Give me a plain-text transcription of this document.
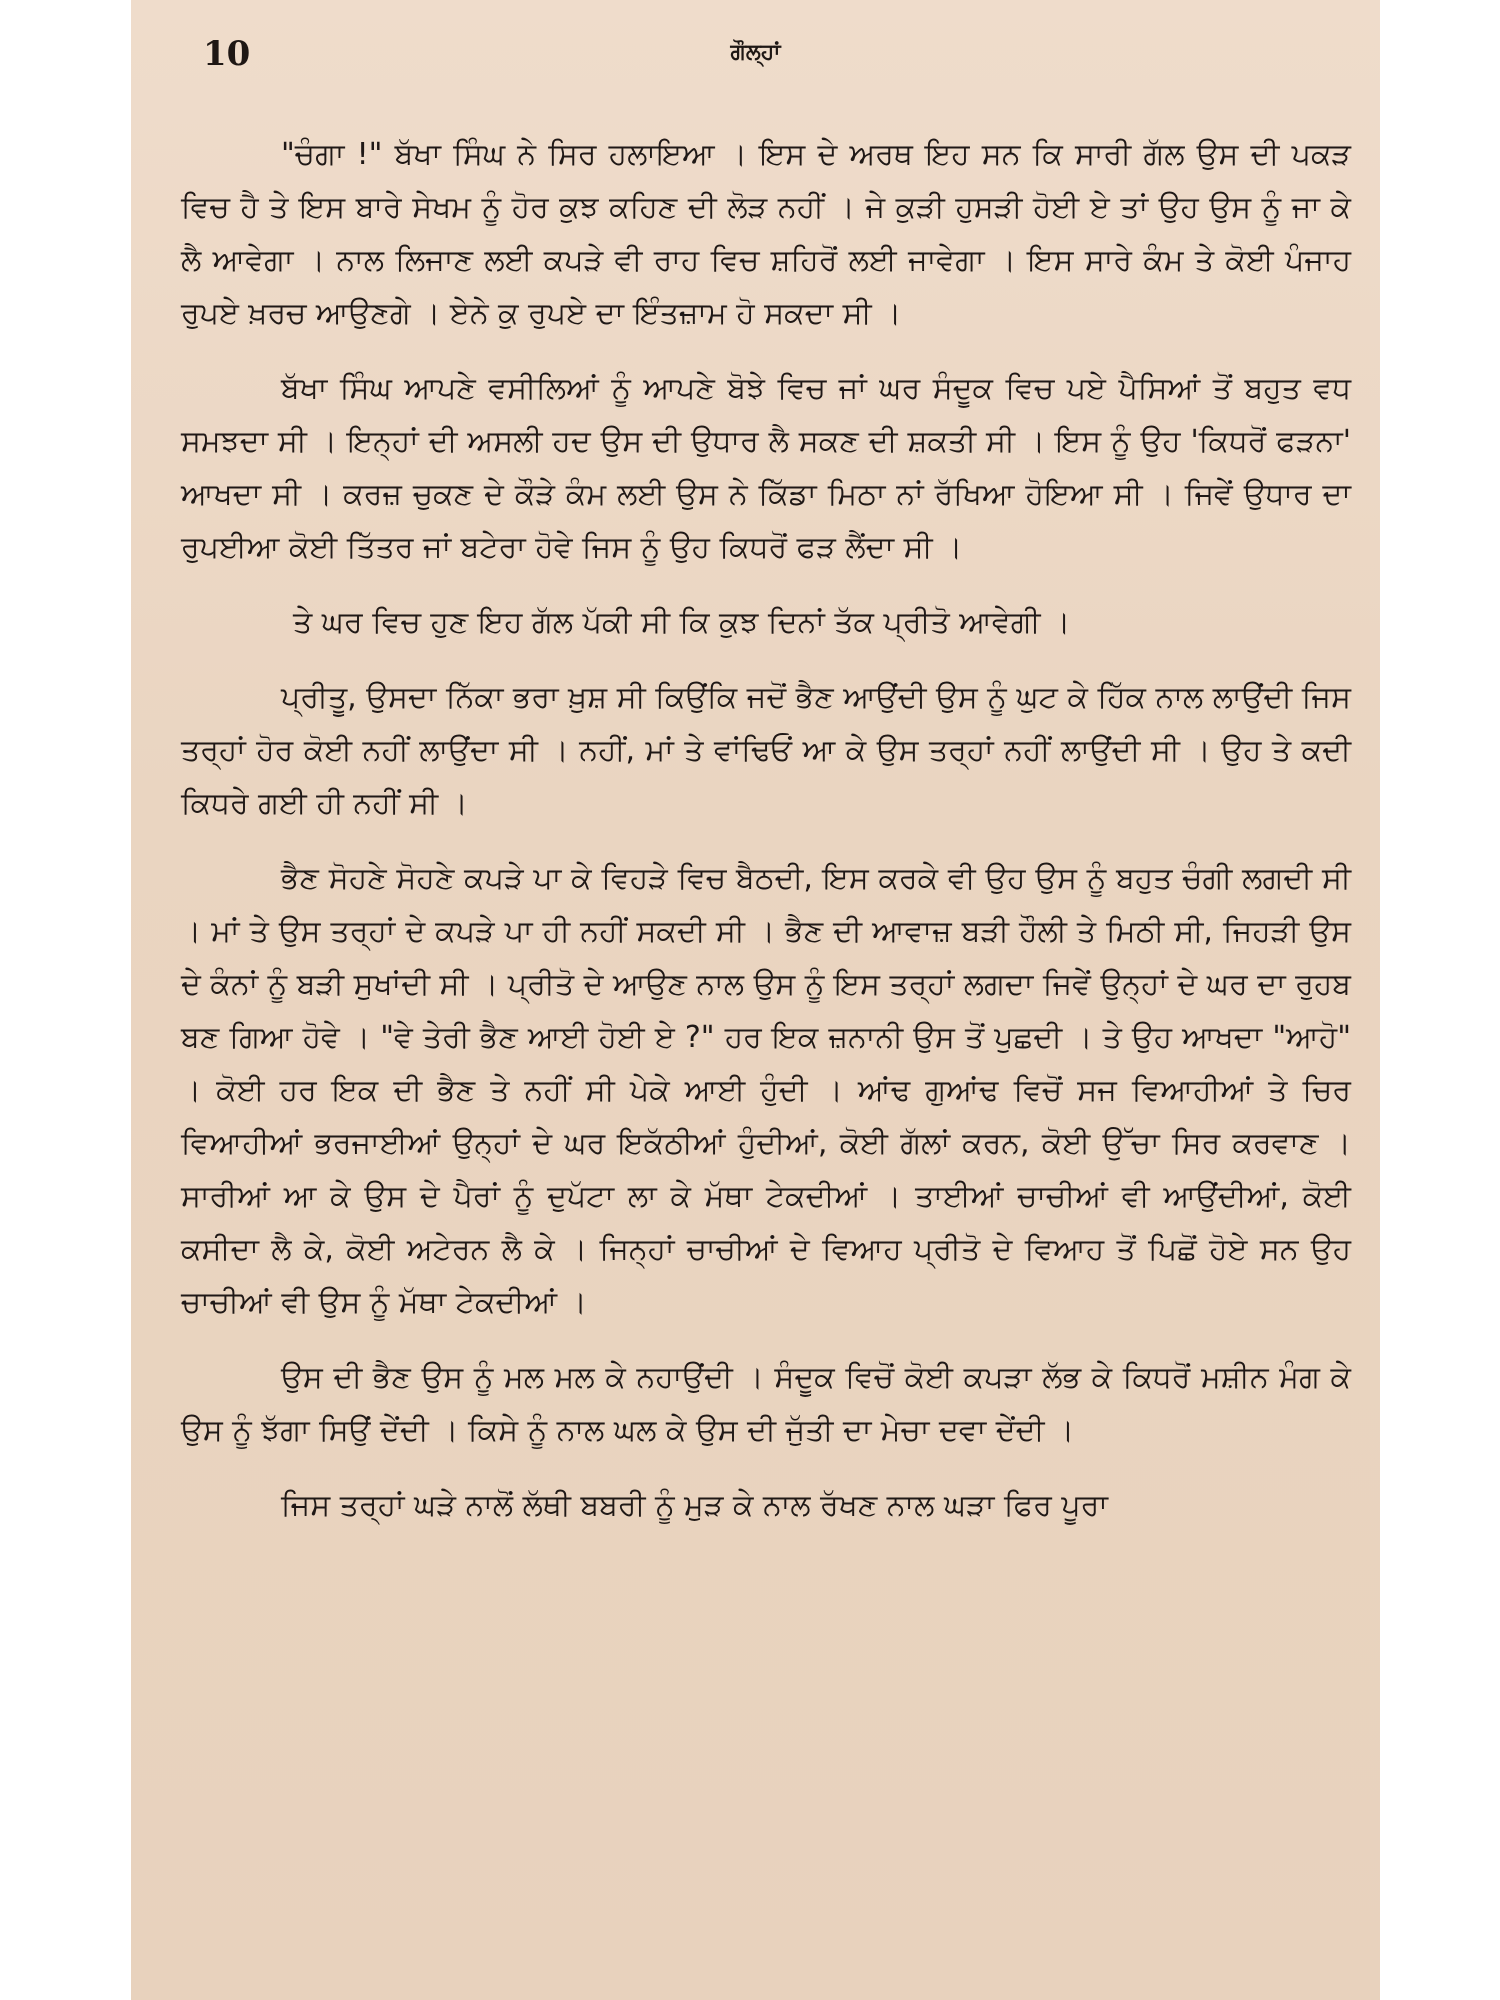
10	ਗੌਲ੍ਹਾਂ

"ਚੰਗਾ !" ਬੱਖਾ ਸਿੰਘ ਨੇ ਸਿਰ ਹਲਾਇਆ । ਇਸ ਦੇ ਅਰਥ ਇਹ ਸਨ ਕਿ ਸਾਰੀ ਗੱਲ ਉਸ ਦੀ ਪਕੜ ਵਿਚ ਹੈ ਤੇ ਇਸ ਬਾਰੇ ਸੇਖਮ ਨੂੰ ਹੋਰ ਕੁਝ ਕਹਿਣ ਦੀ ਲੋੜ ਨਹੀਂ । ਜੇ ਕੁੜੀ ਹੁਸੜੀ ਹੋਈ ਏ ਤਾਂ ਉਹ ਉਸ ਨੂੰ ਜਾ ਕੇ ਲੈ ਆਵੇਗਾ । ਨਾਲ ਲਿਜਾਣ ਲਈ ਕਪੜੇ ਵੀ ਰਾਹ ਵਿਚ ਸ਼ਹਿਰੋਂ ਲਈ ਜਾਵੇਗਾ । ਇਸ ਸਾਰੇ ਕੰਮ ਤੇ ਕੋਈ ਪੰਜਾਹ ਰੁਪਏ ਖ਼ਰਚ ਆਉਣਗੇ । ਏਨੇ ਕੁ ਰੁਪਏ ਦਾ ਇੰਤਜ਼ਾਮ ਹੋ ਸਕਦਾ ਸੀ ।

ਬੱਖਾ ਸਿੰਘ ਆਪਣੇ ਵਸੀਲਿਆਂ ਨੂੰ ਆਪਣੇ ਬੋਝੇ ਵਿਚ ਜਾਂ ਘਰ ਸੰਦੂਕ ਵਿਚ ਪਏ ਪੈਸਿਆਂ ਤੋਂ ਬਹੁਤ ਵਧ ਸਮਝਦਾ ਸੀ । ਇਨ੍ਹਾਂ ਦੀ ਅਸਲੀ ਹਦ ਉਸ ਦੀ ਉਧਾਰ ਲੈ ਸਕਣ ਦੀ ਸ਼ਕਤੀ ਸੀ । ਇਸ ਨੂੰ ਉਹ 'ਕਿਧਰੋਂ ਫੜਨਾ' ਆਖਦਾ ਸੀ । ਕਰਜ਼ ਚੁਕਣ ਦੇ ਕੌੜੇ ਕੰਮ ਲਈ ਉਸ ਨੇ ਕਿੱਡਾ ਮਿਠਾ ਨਾਂ ਰੱਖਿਆ ਹੋਇਆ ਸੀ । ਜਿਵੇਂ ਉਧਾਰ ਦਾ ਰੁਪਈਆ ਕੋਈ ਤਿੱਤਰ ਜਾਂ ਬਟੇਰਾ ਹੋਵੇ ਜਿਸ ਨੂੰ ਉਹ ਕਿਧਰੋਂ ਫੜ ਲੈਂਦਾ ਸੀ ।

ਤੇ ਘਰ ਵਿਚ ਹੁਣ ਇਹ ਗੱਲ ਪੱਕੀ ਸੀ ਕਿ ਕੁਝ ਦਿਨਾਂ ਤੱਕ ਪ੍ਰੀਤੋ ਆਵੇਗੀ ।

ਪ੍ਰੀਤੂ, ਉਸਦਾ ਨਿੱਕਾ ਭਰਾ ਖ਼ੁਸ਼ ਸੀ ਕਿਉਂਕਿ ਜਦੋਂ ਭੈਣ ਆਉਂਦੀ ਉਸ ਨੂੰ ਘੁਟ ਕੇ ਹਿੱਕ ਨਾਲ ਲਾਉਂਦੀ ਜਿਸ ਤਰ੍ਹਾਂ ਹੋਰ ਕੋਈ ਨਹੀਂ ਲਾਉਂਦਾ ਸੀ । ਨਹੀਂ, ਮਾਂ ਤੇ ਵਾਂਢਿਓਂ ਆ ਕੇ ਉਸ ਤਰ੍ਹਾਂ ਨਹੀਂ ਲਾਉਂਦੀ ਸੀ । ਉਹ ਤੇ ਕਦੀ ਕਿਧਰੇ ਗਈ ਹੀ ਨਹੀਂ ਸੀ ।

ਭੈਣ ਸੋਹਣੇ ਸੋਹਣੇ ਕਪੜੇ ਪਾ ਕੇ ਵਿਹੜੇ ਵਿਚ ਬੈਠਦੀ, ਇਸ ਕਰਕੇ ਵੀ ਉਹ ਉਸ ਨੂੰ ਬਹੁਤ ਚੰਗੀ ਲਗਦੀ ਸੀ । ਮਾਂ ਤੇ ਉਸ ਤਰ੍ਹਾਂ ਦੇ ਕਪੜੇ ਪਾ ਹੀ ਨਹੀਂ ਸਕਦੀ ਸੀ । ਭੈਣ ਦੀ ਆਵਾਜ਼ ਬੜੀ ਹੌਲੀ ਤੇ ਮਿਠੀ ਸੀ, ਜਿਹੜੀ ਉਸ ਦੇ ਕੰਨਾਂ ਨੂੰ ਬੜੀ ਸੁਖਾਂਦੀ ਸੀ । ਪ੍ਰੀਤੋ ਦੇ ਆਉਣ ਨਾਲ ਉਸ ਨੂੰ ਇਸ ਤਰ੍ਹਾਂ ਲਗਦਾ ਜਿਵੇਂ ਉਨ੍ਹਾਂ ਦੇ ਘਰ ਦਾ ਰੁਹਬ ਬਣ ਗਿਆ ਹੋਵੇ । "ਵੇ ਤੇਰੀ ਭੈਣ ਆਈ ਹੋਈ ਏ ?" ਹਰ ਇਕ ਜ਼ਨਾਨੀ ਉਸ ਤੋਂ ਪੁਛਦੀ । ਤੇ ਉਹ ਆਖਦਾ "ਆਹੋ" । ਕੋਈ ਹਰ ਇਕ ਦੀ ਭੈਣ ਤੇ ਨਹੀਂ ਸੀ ਪੇਕੇ ਆਈ ਹੁੰਦੀ । ਆਂਢ ਗੁਆਂਢ ਵਿਚੋਂ ਸਜ ਵਿਆਹੀਆਂ ਤੇ ਚਿਰ ਵਿਆਹੀਆਂ ਭਰਜਾਈਆਂ ਉਨ੍ਹਾਂ ਦੇ ਘਰ ਇਕੱਠੀਆਂ ਹੁੰਦੀਆਂ, ਕੋਈ ਗੱਲਾਂ ਕਰਨ, ਕੋਈ ਉੱਚਾ ਸਿਰ ਕਰਵਾਣ । ਸਾਰੀਆਂ ਆ ਕੇ ਉਸ ਦੇ ਪੈਰਾਂ ਨੂੰ ਦੁਪੱਟਾ ਲਾ ਕੇ ਮੱਥਾ ਟੇਕਦੀਆਂ । ਤਾਈਆਂ ਚਾਚੀਆਂ ਵੀ ਆਉਂਦੀਆਂ, ਕੋਈ ਕਸੀਦਾ ਲੈ ਕੇ, ਕੋਈ ਅਟੇਰਨ ਲੈ ਕੇ । ਜਿਨ੍ਹਾਂ ਚਾਚੀਆਂ ਦੇ ਵਿਆਹ ਪ੍ਰੀਤੋ ਦੇ ਵਿਆਹ ਤੋਂ ਪਿਛੋਂ ਹੋਏ ਸਨ ਉਹ ਚਾਚੀਆਂ ਵੀ ਉਸ ਨੂੰ ਮੱਥਾ ਟੇਕਦੀਆਂ ।

ਉਸ ਦੀ ਭੈਣ ਉਸ ਨੂੰ ਮਲ ਮਲ ਕੇ ਨਹਾਉਂਦੀ । ਸੰਦੂਕ ਵਿਚੋਂ ਕੋਈ ਕਪੜਾ ਲੱਭ ਕੇ ਕਿਧਰੋਂ ਮਸ਼ੀਨ ਮੰਗ ਕੇ ਉਸ ਨੂੰ ਝੱਗਾ ਸਿਉਂ ਦੇਂਦੀ । ਕਿਸੇ ਨੂੰ ਨਾਲ ਘਲ ਕੇ ਉਸ ਦੀ ਜੁੱਤੀ ਦਾ ਮੇਚਾ ਦਵਾ ਦੇਂਦੀ ।

ਜਿਸ ਤਰ੍ਹਾਂ ਘੜੇ ਨਾਲੋਂ ਲੱਥੀ ਬਬਰੀ ਨੂੰ ਮੁੜ ਕੇ ਨਾਲ ਰੱਖਣ ਨਾਲ ਘੜਾ ਫਿਰ ਪੂਰਾ
